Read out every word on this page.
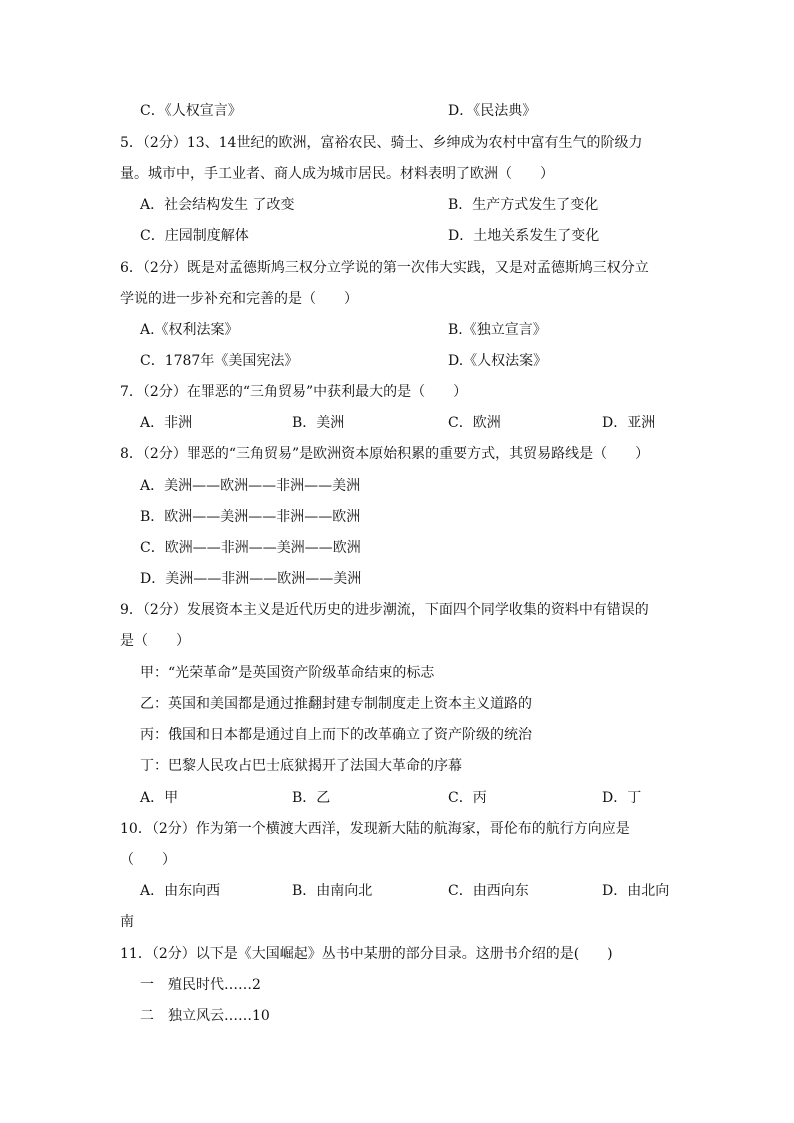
C．《人权宣言》	D．《民法典》
5．（2分）13、14世纪的欧洲，富裕农民、骑士、乡绅成为农村中富有生气的阶级力
量。城市中，手工业者、商人成为城市居民。材料表明了欧洲（　　）
A．社会结构发生 了改变	B．生产方式发生了变化
C．庄园制度解体	D．土地关系发生了变化
6．（2分）既是对孟德斯鸠三权分立学说的第一次伟大实践，又是对孟德斯鸠三权分立
学说的进一步补充和完善的是（　　）
A.《权利法案》	B.《独立宣言》
C．1787年《美国宪法》	D.《人权法案》
7．（2分）在罪恶的“三角贸易”中获利最大的是（　　）
A．非洲	B．美洲	C．欧洲	D．亚洲
8．（2分）罪恶的“三角贸易”是欧洲资本原始积累的重要方式，其贸易路线是（　　）
A．美洲——欧洲——非洲——美洲
B．欧洲——美洲——非洲——欧洲
C．欧洲——非洲——美洲——欧洲
D．美洲——非洲——欧洲——美洲
9．（2分）发展资本主义是近代历史的进步潮流，下面四个同学收集的资料中有错误的
是（　　）
甲：“光荣革命”是英国资产阶级革命结束的标志
乙：英国和美国都是通过推翻封建专制制度走上资本主义道路的
丙：俄国和日本都是通过自上而下的改革确立了资产阶级的统治
丁：巴黎人民攻占巴士底狱揭开了法国大革命的序幕
A．甲	B．乙	C．丙	D．丁
10．（2分）作为第一个横渡大西洋，发现新大陆的航海家，哥伦布的航行方向应是
（　　）
A．由东向西	B．由南向北	C．由西向东	D．由北向
南
11．（2分）以下是《大国崛起》丛书中某册的部分目录。这册书介绍的是(　　)
一　殖民时代……2
二　独立风云……10
